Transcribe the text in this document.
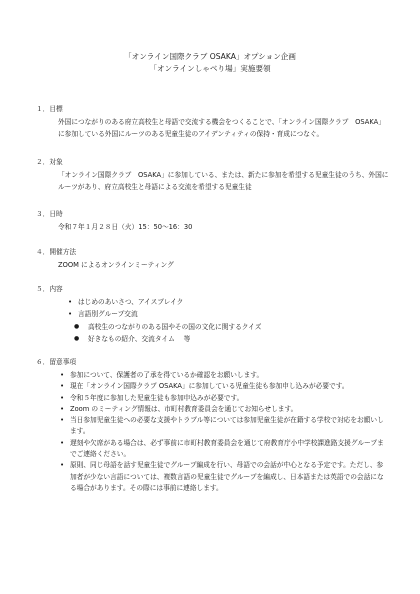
「オンライン国際クラブ OSAKA」オプション企画
「オンラインしゃべり場」実施要領
１．目標
外国につながりのある府立高校生と母語で交流する機会をつくることで、「オンライン国際クラブ　OSAKA」
に参加している外国にルーツのある児童生徒のアイデンティティの保持・育成につなぐ。
２．対象
「オンライン国際クラブ　OSAKA」に参加している、または、新たに参加を希望する児童生徒のうち、外国に
ルーツがあり、府立高校生と母語による交流を希望する児童生徒
３．日時
令和７年１月２８日（火）15：50～16：30
４．開催方法
ZOOM によるオンラインミーティング
５．内容
• はじめのあいさつ、アイスブレイク
• 言語別グループ交流
● 高校生のつながりのある国やその国の文化に関するクイズ
● 好きなもの紹介、交流タイム　 等
６．留意事項
• 参加について、保護者の了承を得ているか確認をお願いします。
• 現在「オンライン国際クラブ OSAKA」に参加している児童生徒も参加申し込みが必要です。
• 令和５年度に参加した児童生徒も参加申込みが必要です。
• Zoom のミーティング情報は、市町村教育委員会を通じてお知らせします。
• 当日参加児童生徒への必要な支援やトラブル等については参加児童生徒が在籍する学校で対応をお願いします。
• 遅刻や欠席がある場合は、必ず事前に市町村教育委員会を通じて府教育庁小中学校課進路支援グループまでご連絡ください。
• 原則、同じ母語を話す児童生徒でグループ編成を行い、母語での会話が中心となる予定です。ただし、参加者が少ない言語については、複数言語の児童生徒でグループを編成し、日本語または英語での会話になる場合があります。その際には事前に連絡します。
